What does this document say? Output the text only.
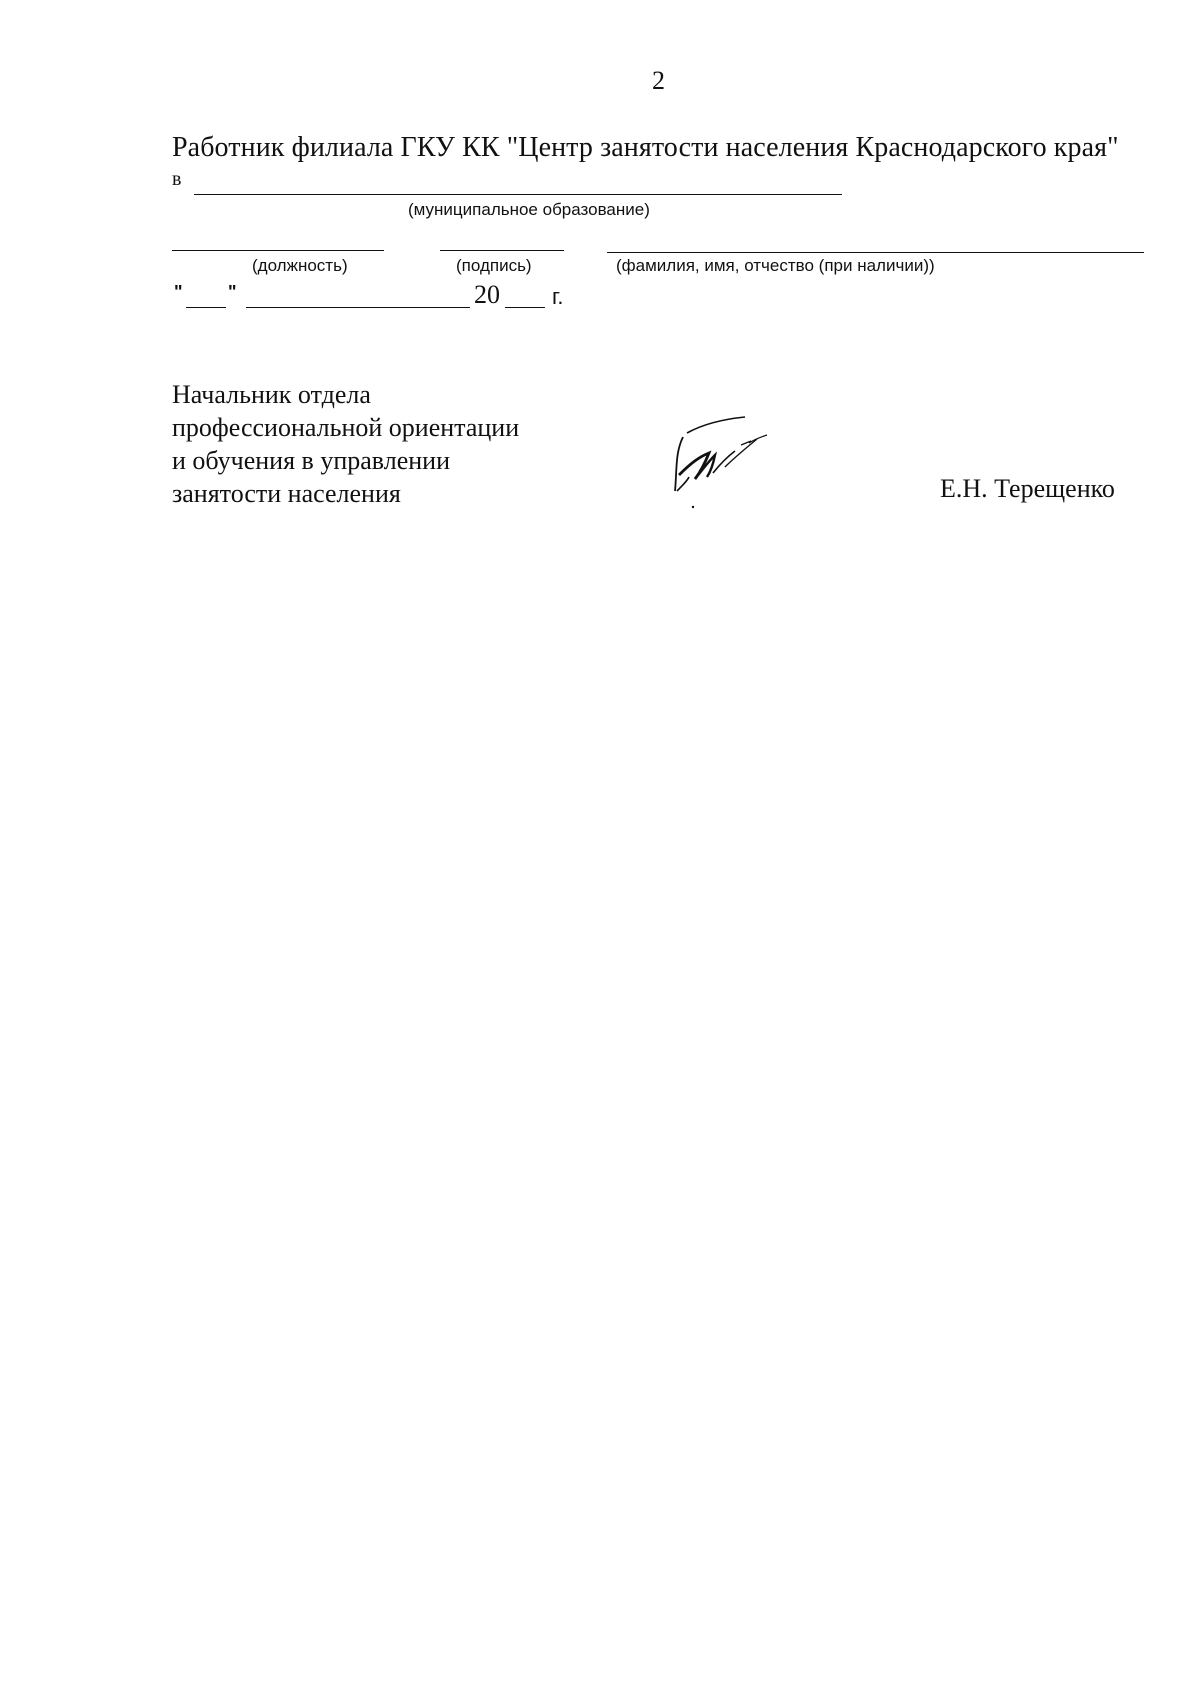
2
Работник филиала ГКУ КК "Центр занятости населения Краснодарского края"
в
(муниципальное образование)
(должность)	(подпись)	(фамилия, имя, отчество (при наличии))
"	"	20 г.
Начальник отдела
профессиональной ориентации
и обучения в управлении
занятости населения	Е.Н. Терещенко
